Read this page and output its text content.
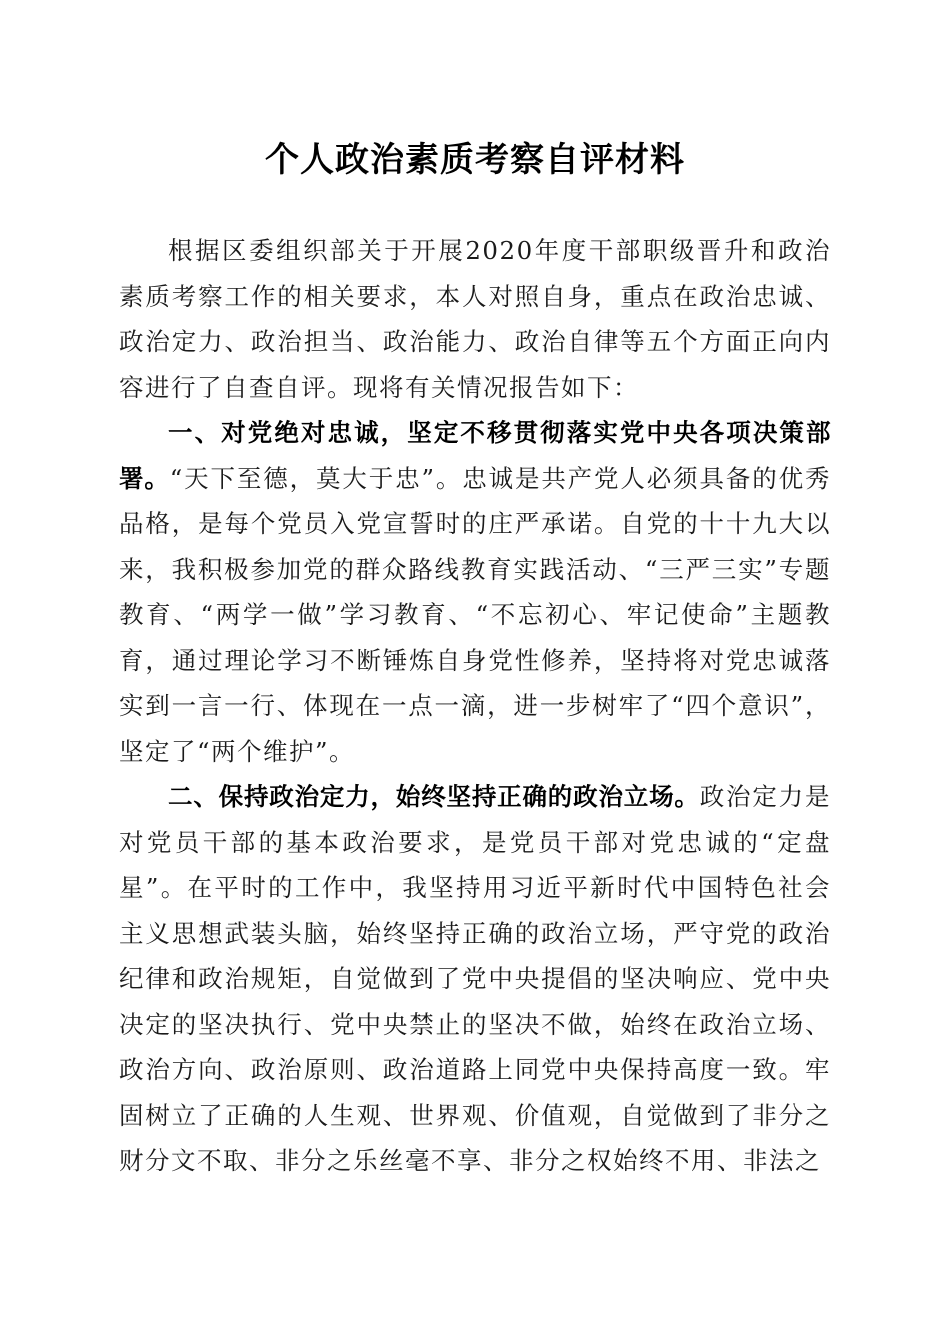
个人政治素质考察自评材料

根据区委组织部关于开展2020年度干部职级晋升和政治素质考察工作的相关要求，本人对照自身，重点在政治忠诚、政治定力、政治担当、政治能力、政治自律等五个方面正向内容进行了自查自评。现将有关情况报告如下：

一、对党绝对忠诚，坚定不移贯彻落实党中央各项决策部署。“天下至德，莫大于忠”。忠诚是共产党人必须具备的优秀品格，是每个党员入党宣誓时的庄严承诺。自党的十十九大以来，我积极参加党的群众路线教育实践活动、“三严三实”专题教育、“两学一做”学习教育、“不忘初心、牢记使命”主题教育，通过理论学习不断锤炼自身党性修养，坚持将对党忠诚落实到一言一行、体现在一点一滴，进一步树牢了“四个意识”，坚定了“两个维护”。

二、保持政治定力，始终坚持正确的政治立场。政治定力是对党员干部的基本政治要求，是党员干部对党忠诚的“定盘星”。在平时的工作中，我坚持用习近平新时代中国特色社会主义思想武装头脑，始终坚持正确的政治立场，严守党的政治纪律和政治规矩，自觉做到了党中央提倡的坚决响应、党中央决定的坚决执行、党中央禁止的坚决不做，始终在政治立场、政治方向、政治原则、政治道路上同党中央保持高度一致。牢固树立了正确的人生观、世界观、价值观，自觉做到了非分之财分文不取、非分之乐丝毫不享、非分之权始终不用、非法之
